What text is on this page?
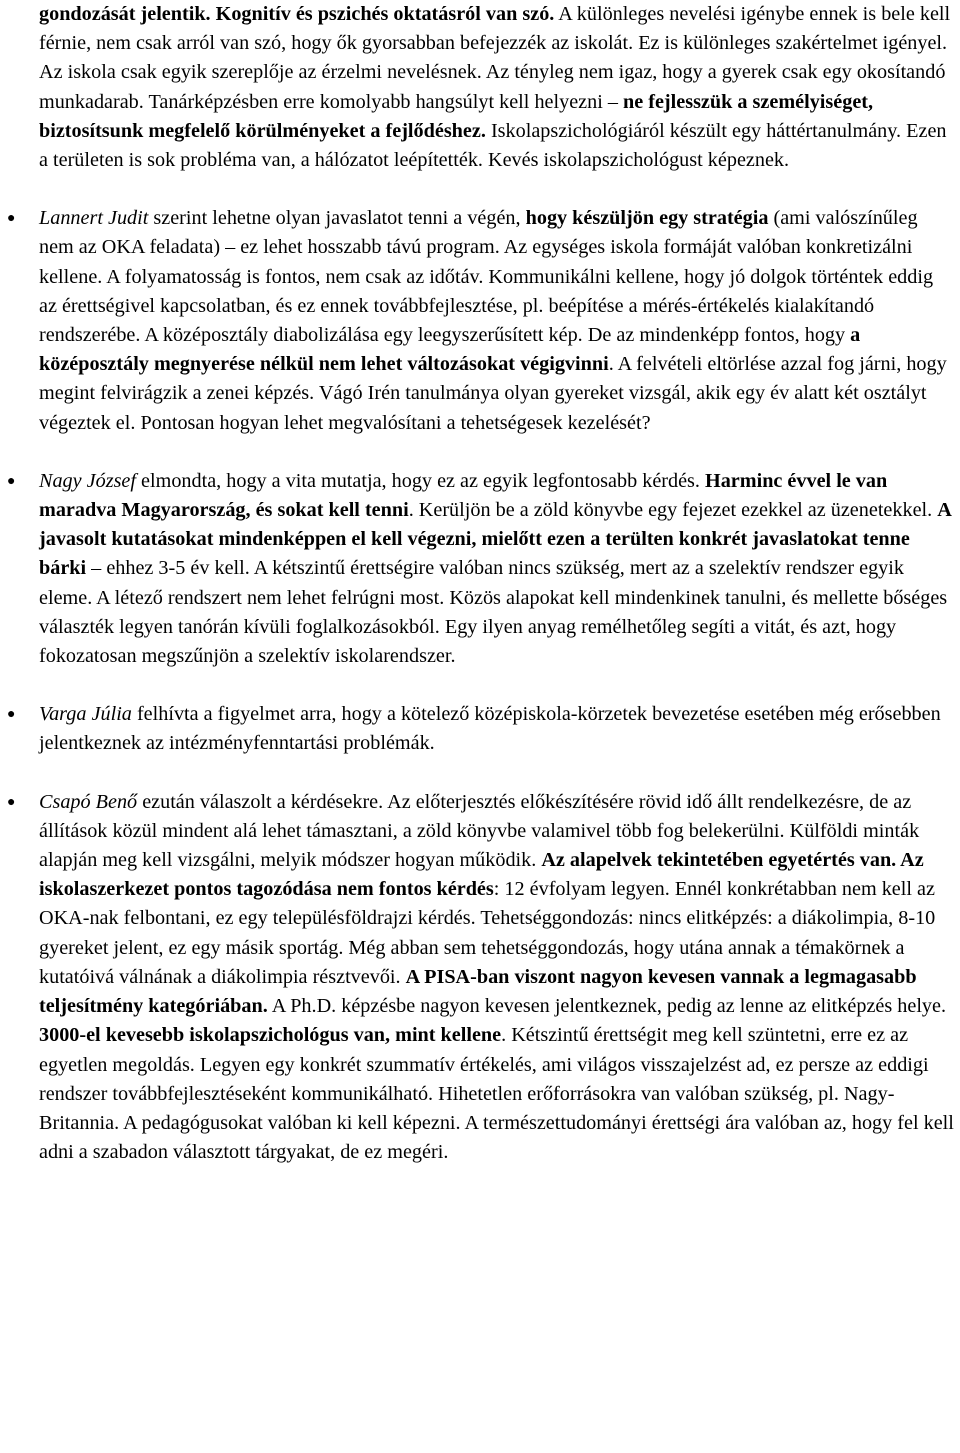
gondozását jelentik. Kognitív és pszichés oktatásról van szó. A különleges nevelési igénybe ennek is bele kell férnie, nem csak arról van szó, hogy ők gyorsabban befejezzék az iskolát. Ez is különleges szakértelmet igényel. Az iskola csak egyik szereplője az érzelmi nevelésnek. Az tényleg nem igaz, hogy a gyerek csak egy okosítandó munkadarab. Tanárképzésben erre komolyabb hangsúlyt kell helyezni – ne fejlesszük a személyiséget, biztosítsunk megfelelő körülményeket a fejlődéshez. Iskolapszichológiáról készült egy háttértanulmány. Ezen a területen is sok probléma van, a hálózatot leépítették. Kevés iskolapszichológust képeznek.

●
Lannert Judit szerint lehetne olyan javaslatot tenni a végén, hogy készüljön egy stratégia (ami valószínűleg nem az OKA feladata) – ez lehet hosszabb távú program. Az egységes iskola formáját valóban konkretizálni kellene. A folyamatosság is fontos, nem csak az időtáv. Kommunikálni kellene, hogy jó dolgok történtek eddig az érettségivel kapcsolatban, és ez ennek továbbfejlesztése, pl. beépítése a mérés-értékelés kialakítandó rendszerébe. A középosztály diabolizálása egy leegyszerűsített kép. De az mindenképp fontos, hogy a középosztály megnyerése nélkül nem lehet változásokat végigvinni. A felvételi eltörlése azzal fog járni, hogy megint felvirágzik a zenei képzés. Vágó Irén tanulmánya olyan gyereket vizsgál, akik egy év alatt két osztályt végeztek el. Pontosan hogyan lehet megvalósítani a tehetségesek kezelését?
●
Nagy József elmondta, hogy a vita mutatja, hogy ez az egyik legfontosabb kérdés. Harminc évvel le van maradva Magyarország, és sokat kell tenni. Kerüljön be a zöld könyvbe egy fejezet ezekkel az üzenetekkel. A javasolt kutatásokat mindenképpen el kell végezni, mielőtt ezen a terülten konkrét javaslatokat tenne bárki – ehhez 3-5 év kell. A kétszintű érettségire valóban nincs szükség, mert az a szelektív rendszer egyik eleme. A létező rendszert nem lehet felrúgni most. Közös alapokat kell mindenkinek tanulni, és mellette bőséges választék legyen tanórán kívüli foglalkozásokból. Egy ilyen anyag remélhetőleg segíti a vitát, és azt, hogy fokozatosan megszűnjön a szelektív iskolarendszer.
●
Varga Júlia felhívta a figyelmet arra, hogy a kötelező középiskola-körzetek bevezetése esetében még erősebben jelentkeznek az intézményfenntartási problémák.
●
Csapó Benő ezután válaszolt a kérdésekre. Az előterjesztés előkészítésére rövid idő állt rendelkezésre, de az állítások közül mindent alá lehet támasztani, a zöld könyvbe valamivel több fog belekerülni. Külföldi minták alapján meg kell vizsgálni, melyik módszer hogyan működik. Az alapelvek tekintetében egyetértés van. Az iskolaszerkezet pontos tagozódása nem fontos kérdés: 12 évfolyam legyen. Ennél konkrétabban nem kell az OKA-nak felbontani, ez egy településföldrajzi kérdés. Tehetséggondozás: nincs elitképzés: a diákolimpia, 8-10 gyereket jelent, ez egy másik sportág. Még abban sem tehetséggondozás, hogy utána annak a témakörnek a kutatóivá válnának a diákolimpia résztvevői. A PISA-ban viszont nagyon kevesen vannak a legmagasabb teljesítmény kategóriában. A Ph.D. képzésbe nagyon kevesen jelentkeznek, pedig az lenne az elitképzés helye. 3000-el kevesebb iskolapszichológus van, mint kellene. Kétszintű érettségit meg kell szüntetni, erre ez az egyetlen megoldás. Legyen egy konkrét szummatív értékelés, ami világos visszajelzést ad, ez persze az eddigi rendszer továbbfejlesztéseként kommunikálható. Hihetetlen erőforrásokra van valóban szükség, pl. Nagy-Britannia. A pedagógusokat valóban ki kell képezni. A természettudományi érettségi ára valóban az, hogy fel kell adni a szabadon választott tárgyakat, de ez megéri.
